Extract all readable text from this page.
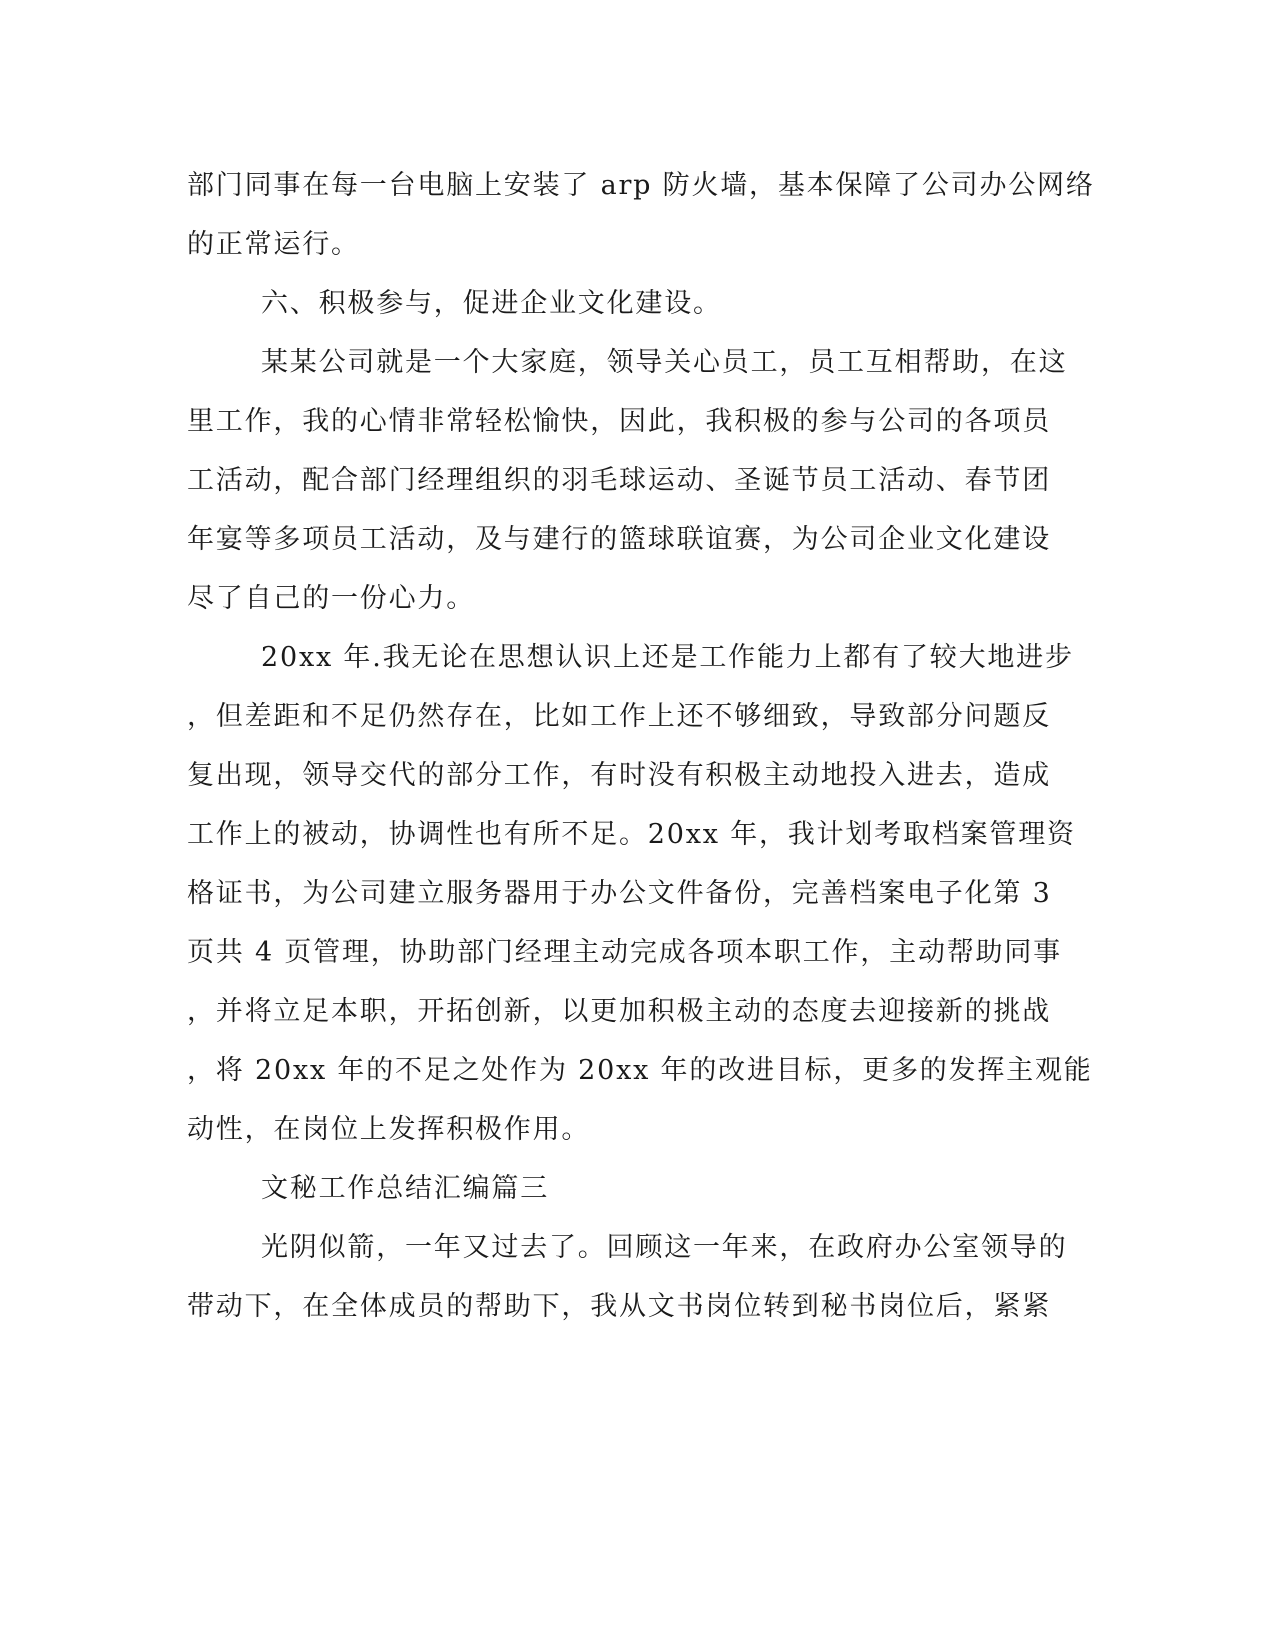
部门同事在每一台电脑上安装了 arp 防火墙，基本保障了公司办公网络
的正常运行。
六、积极参与，促进企业文化建设。
某某公司就是一个大家庭，领导关心员工，员工互相帮助，在这
里工作，我的心情非常轻松愉快，因此，我积极的参与公司的各项员
工活动，配合部门经理组织的羽毛球运动、圣诞节员工活动、春节团
年宴等多项员工活动，及与建行的篮球联谊赛，为公司企业文化建设
尽了自己的一份心力。
20xx 年.我无论在思想认识上还是工作能力上都有了较大地进步
，但差距和不足仍然存在，比如工作上还不够细致，导致部分问题反
复出现，领导交代的部分工作，有时没有积极主动地投入进去，造成
工作上的被动，协调性也有所不足。20xx 年，我计划考取档案管理资
格证书，为公司建立服务器用于办公文件备份，完善档案电子化第 3
页共 4 页管理，协助部门经理主动完成各项本职工作，主动帮助同事
，并将立足本职，开拓创新，以更加积极主动的态度去迎接新的挑战
，将 20xx 年的不足之处作为 20xx 年的改进目标，更多的发挥主观能
动性，在岗位上发挥积极作用。
文秘工作总结汇编篇三
光阴似箭，一年又过去了。回顾这一年来，在政府办公室领导的
带动下，在全体成员的帮助下，我从文书岗位转到秘书岗位后，紧紧
